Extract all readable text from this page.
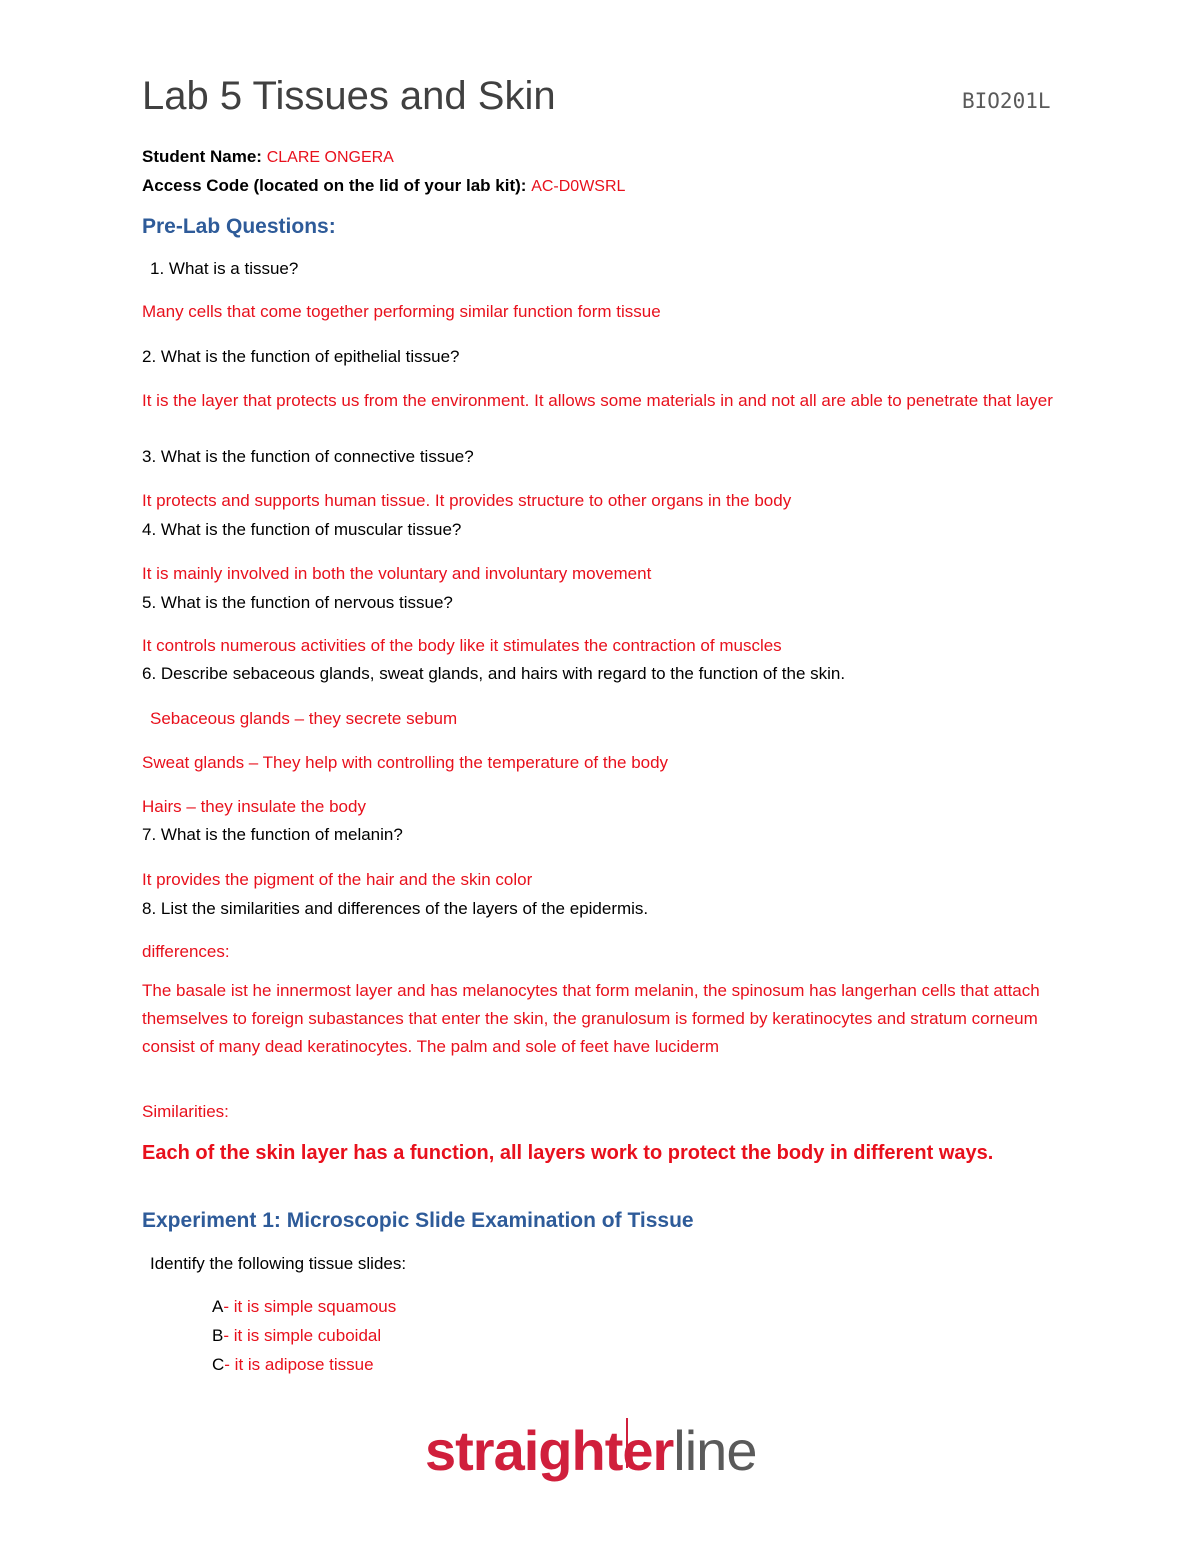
Lab 5 Tissues and Skin	BIO201L
Student Name: CLARE ONGERA
Access Code (located on the lid of your lab kit): AC-D0WSRL
Pre-Lab Questions:
1. What is a tissue?
Many cells that come together performing similar function form tissue
2. What is the function of epithelial tissue?
It is the layer that protects us from the environment. It allows some materials in and not all are able to penetrate that layer
3. What is the function of connective tissue?
It protects and supports human tissue. It provides structure to other organs in the body
4. What is the function of muscular tissue?
It is mainly involved in both the voluntary and involuntary movement
5. What is the function of nervous tissue?
It controls numerous activities of the body like it stimulates the contraction of muscles
6. Describe sebaceous glands, sweat glands, and hairs with regard to the function of the skin.
Sebaceous glands – they secrete sebum
Sweat glands – They help with controlling the temperature of the body
Hairs – they insulate the body
7. What is the function of melanin?
It provides the pigment of the hair and the skin color
8. List the similarities and differences of the layers of the epidermis.
differences:
The basale ist he innermost layer and has melanocytes that form melanin, the spinosum has langerhan cells that attach themselves to foreign subastances that enter the skin, the granulosum is formed by keratinocytes and stratum corneum consist of many dead keratinocytes. The palm and sole of feet have luciderm
Similarities:
Each of the skin layer has a function, all layers work to protect the body in different ways.
Experiment 1: Microscopic Slide Examination of Tissue
Identify the following tissue slides:
A- it is simple squamous
B- it is simple cuboidal
C- it is adipose tissue
straighterline
